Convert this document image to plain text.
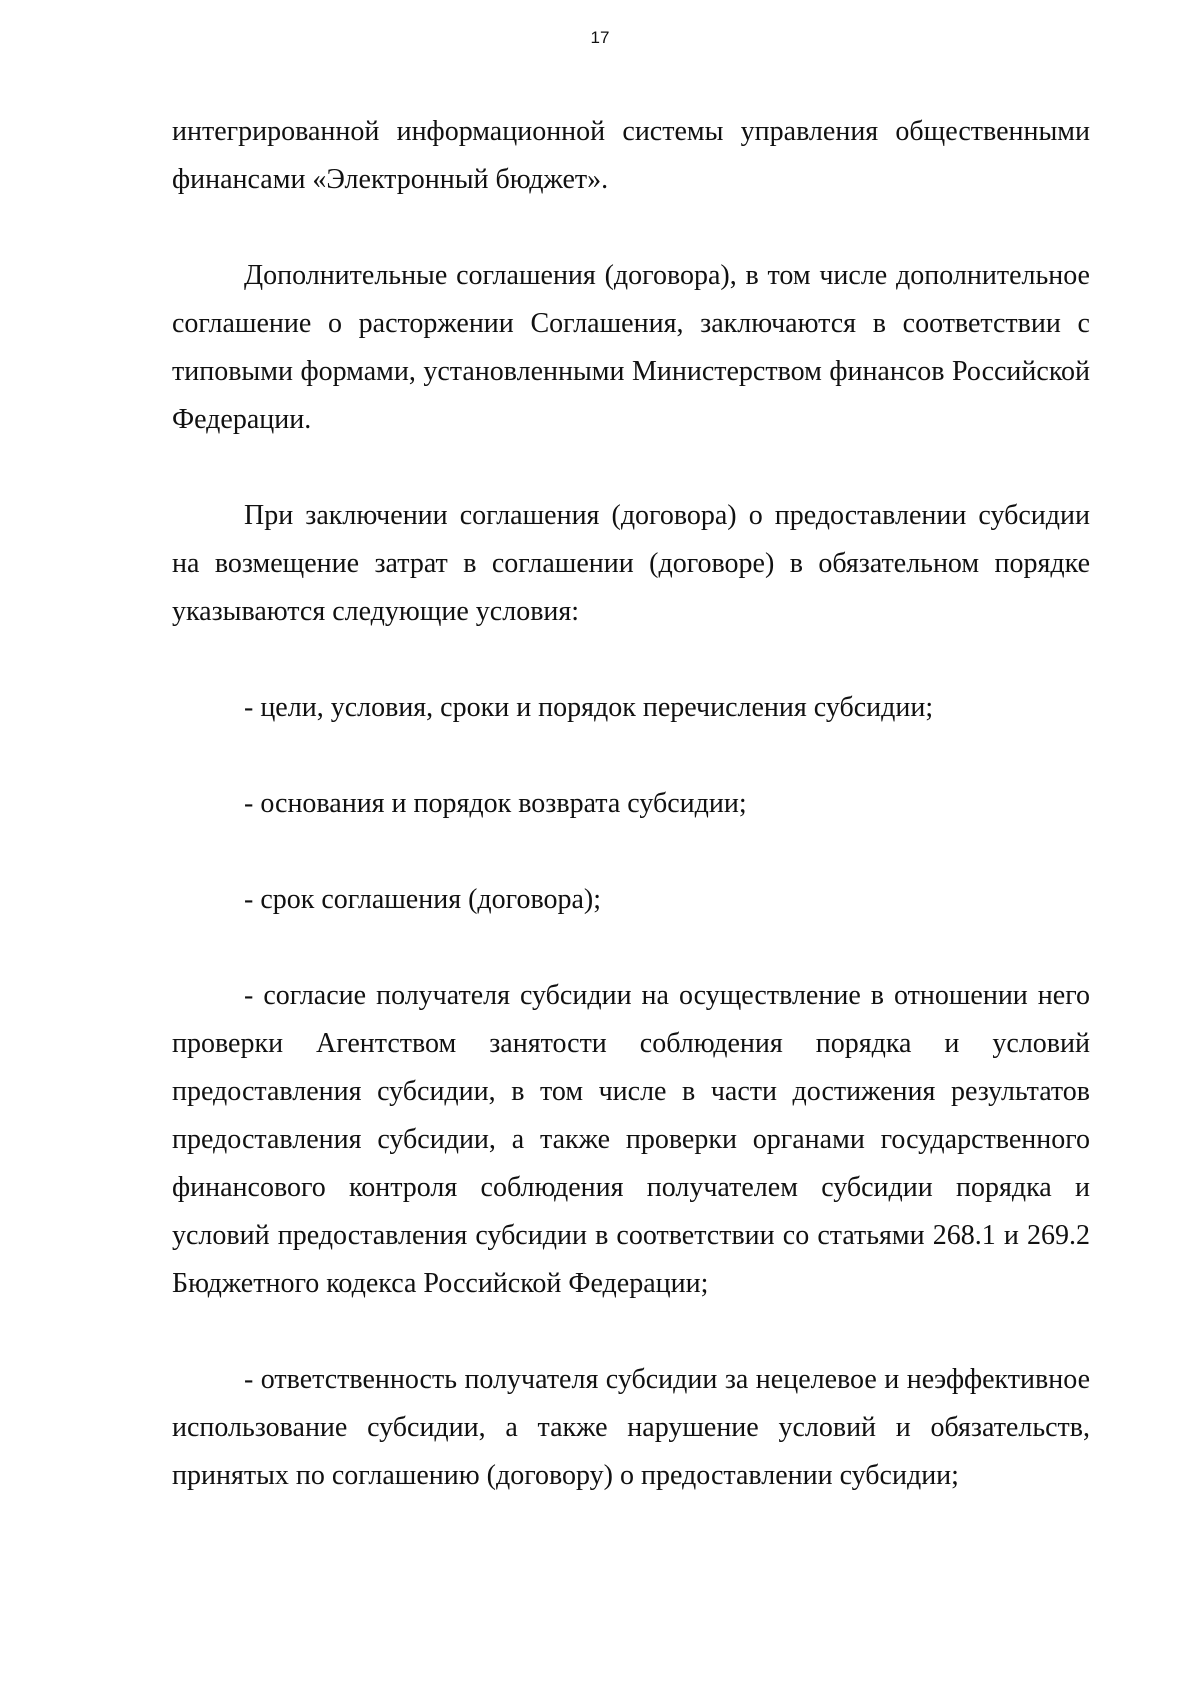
17

интегрированной информационной системы управления общественными финансами «Электронный бюджет».

Дополнительные соглашения (договора), в том числе дополнительное соглашение о расторжении Соглашения, заключаются в соответствии с типовыми формами, установленными Министерством финансов Российской Федерации.

При заключении соглашения (договора) о предоставлении субсидии на возмещение затрат в соглашении (договоре) в обязательном порядке указываются следующие условия:

- цели, условия, сроки и порядок перечисления субсидии;

- основания и порядок возврата субсидии;

- срок соглашения (договора);

- согласие получателя субсидии на осуществление в отношении него проверки Агентством занятости соблюдения порядка и условий предоставления субсидии, в том числе в части достижения результатов предоставления субсидии, а также проверки органами государственного финансового контроля соблюдения получателем субсидии порядка и условий предоставления субсидии в соответствии со статьями 268.1 и 269.2 Бюджетного кодекса Российской Федерации;

- ответственность получателя субсидии за нецелевое и неэффективное использование субсидии, а также нарушение условий и обязательств, принятых по соглашению (договору) о предоставлении субсидии;
